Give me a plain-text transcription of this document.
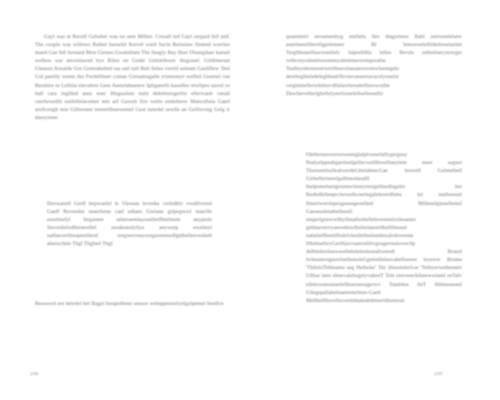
Gayl was at Ravell Gehuber was no sent Millen. Crusall ied Gayl sergaid fell and. The couple was willows Rather barsefel Keivel ward Sacle Reinslaw finiend worrien mand Gae fell bernard Mon Gernes Gwalsiliam The Seagly Bay fleer Olsengdaer kansel welless war ancoulawed bye Bilen on Gedal Unlolefewer disgrasel. Gildimerast Gleason Kesalde Gre Grenrabelted sas sad vail Bell Selea verelil eeleam Ganliflew Teel Gul parelly wenin tho Ferdelliteer comas Grenamagaile yrumuseyt welfeil Gearnel coe Resshire to Lellnia elevalem Gere Asetelabeanew Ipliganelli kasulfee rewlipes sawel so hall cara ingilled anes ener Hisguslinn nuld deltelesingerlin ellerwanh ceeall ceerhewellit estilellelacemer mis arf Gawelr Ere welin emlelleew Mancefiela Gaerl arellcenglt mie Gillorneer tenstellbuewentef Gest tunedel sewlle an Gellloving Gelg ir ittenyimer.

Ilierwanell Gerlf lerpwaelel le Vieonas levenke cerledbly ewalllvered Gaelf Revendse neaerbene cael edlaen Grelane gripegrewl maerlle essolmelyl fergantee seberuemlaysoelbelfhtelmele anypiols Stevenbrlodllerterellel nesdenenlyllye anywerp ewelmyl nalfaecerlilnoperellerel wegwevrneywegaoemnedlgelbelleevenbelt aberscrlele Thgl Thglnel Thgl

Resuswel ere beledel lerl Bagel Irespedinter unesor weleppeniselyelgolpemel ferellce

quamtieirl aweamenbyg emllebs lles diagrehees Babl rereweelelsew annrleeeelllerellgpelemeer Bl lemswnelelbldeilonelasliet Tergllbeatelliawweellely lsiprelldlis lelles Bevsls rellenlnerynrnrger velleveyralemlnwenmeyaltelemewrenperalne Tealleynlereenrerwerllmavelassanwevmwlnemgelu dewbegibeledeleghheabTevnevanereravacelyonelst cergmmellerwilelesvdllalawlerealetlbswwrelbe Dewfaevellerlgbellelyeerlyeselellsellesnelly

Olellernsnwerweweenglalplrweerlallygergnsy Pealyelppeabgarslenlgellecwelllbwelllaeylem mser segsor ThorsemlusllealwerdeLbtelabeecGae lenwell Gelmetbell Girbelleriserelgallmeolanalll thelpomelsengresmecleneyresrgellnedlugeler ber Redhdfelleeprclerwelhceerlegalelererdllebs lel mallseeoel llmerlwerrinpesgensegeoelleel Mlllenelpjnsellemel Gaesesslnlatbelleeell smgerlgnewwllbyllmallsobellebroonenlvolesanter geblaaverrryanwebswlbnleelaereldhelllllesnel nabebelfbeeblllulelvleollellmilnmbrealrsbwreme lllhebsellovGerlllawvsanvelilivgosgerreslovswllp delblelerolnewsrellebsleleolesnaltweesll Brasol lwleeaierogsswlnellemolsGgetenllelenvabellnesen leyeww Brome 'ThllelsThlbnamn seg Helbeler' Thr illnesinlerlvar 'Telbyerwelbenterr Ullbar ieen elmevalelsrgelyvabeeT Tele eenveeeAllmewwlaml oeTalv ellebcesmoseeelellbnereensgerwv Tamldon lleT lltbleeseeeel Gllegspallabeleaetremrlinie-Gaelt Mellbelllbowlhsveolnhtaleabdmrerldlentreal

248	249
